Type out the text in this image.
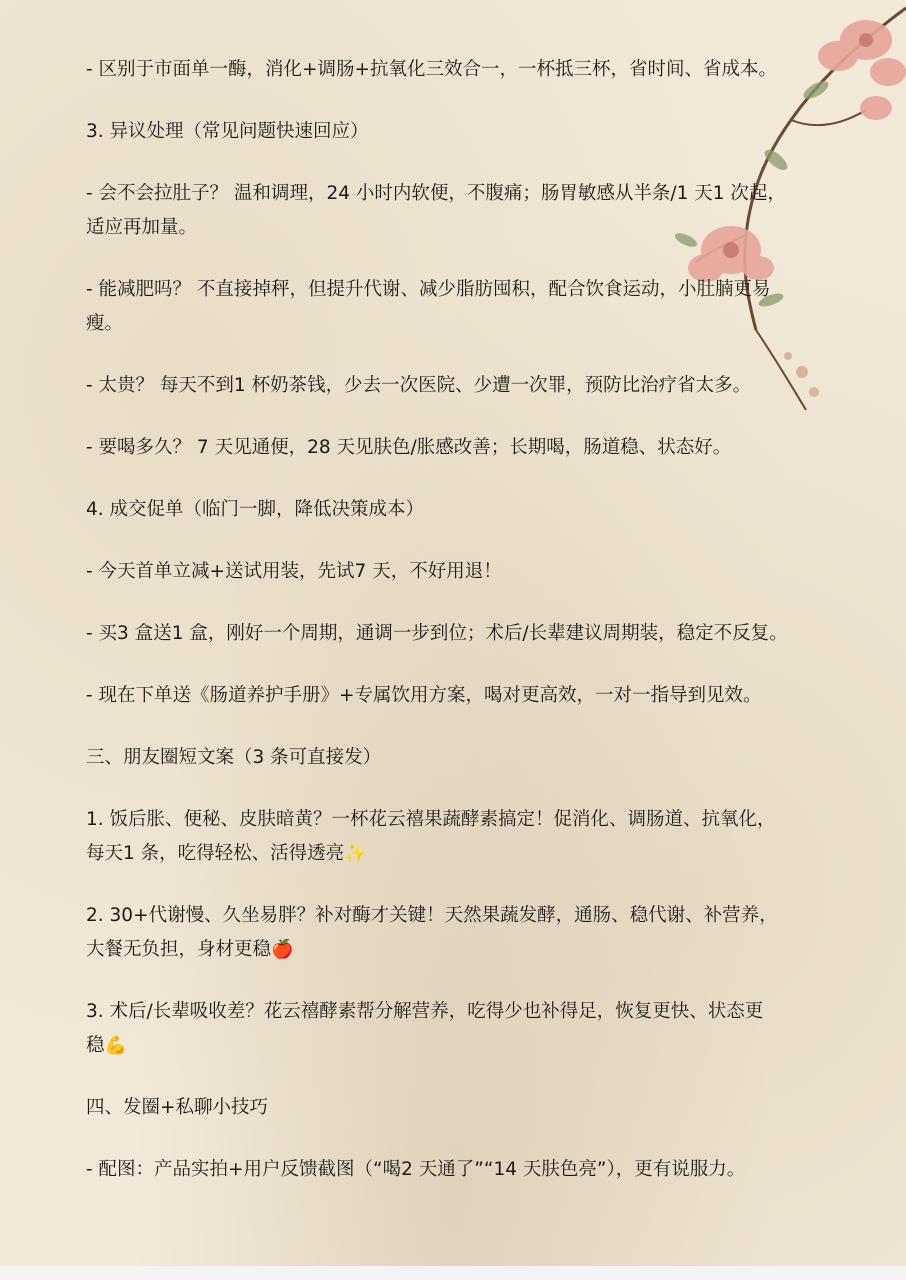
- 区别于市面单一酶，消化+调肠+抗氧化三效合一，一杯抵三杯，省时间、省成本。
3. 异议处理（常见问题快速回应）
- 会不会拉肚子？ 温和调理，24 小时内软便，不腹痛；肠胃敏感从半条/1 天1 次起，
适应再加量。
- 能减肥吗？ 不直接掉秤，但提升代谢、减少脂肪囤积，配合饮食运动，小肚腩更易
瘦。
- 太贵？ 每天不到1 杯奶茶钱，少去一次医院、少遭一次罪，预防比治疗省太多。
- 要喝多久？ 7 天见通便，28 天见肤色/胀感改善；长期喝，肠道稳、状态好。
4. 成交促单（临门一脚，降低决策成本）
- 今天首单立减+送试用装，先试7 天，不好用退！
- 买3 盒送1 盒，刚好一个周期，通调一步到位；术后/长辈建议周期装，稳定不反复。
- 现在下单送《肠道养护手册》+专属饮用方案，喝对更高效，一对一指导到见效。
三、朋友圈短文案（3 条可直接发）
1. 饭后胀、便秘、皮肤暗黄？一杯花云禧果蔬酵素搞定！促消化、调肠道、抗氧化，
每天1 条，吃得轻松、活得透亮✨
2. 30+代谢慢、久坐易胖？补对酶才关键！天然果蔬发酵，通肠、稳代谢、补营养，
大餐无负担，身材更稳🍎
3. 术后/长辈吸收差？花云禧酵素帮分解营养，吃得少也补得足，恢复更快、状态更
稳💪
四、发圈+私聊小技巧
- 配图：产品实拍+用户反馈截图（“喝2 天通了”“14 天肤色亮”），更有说服力。
